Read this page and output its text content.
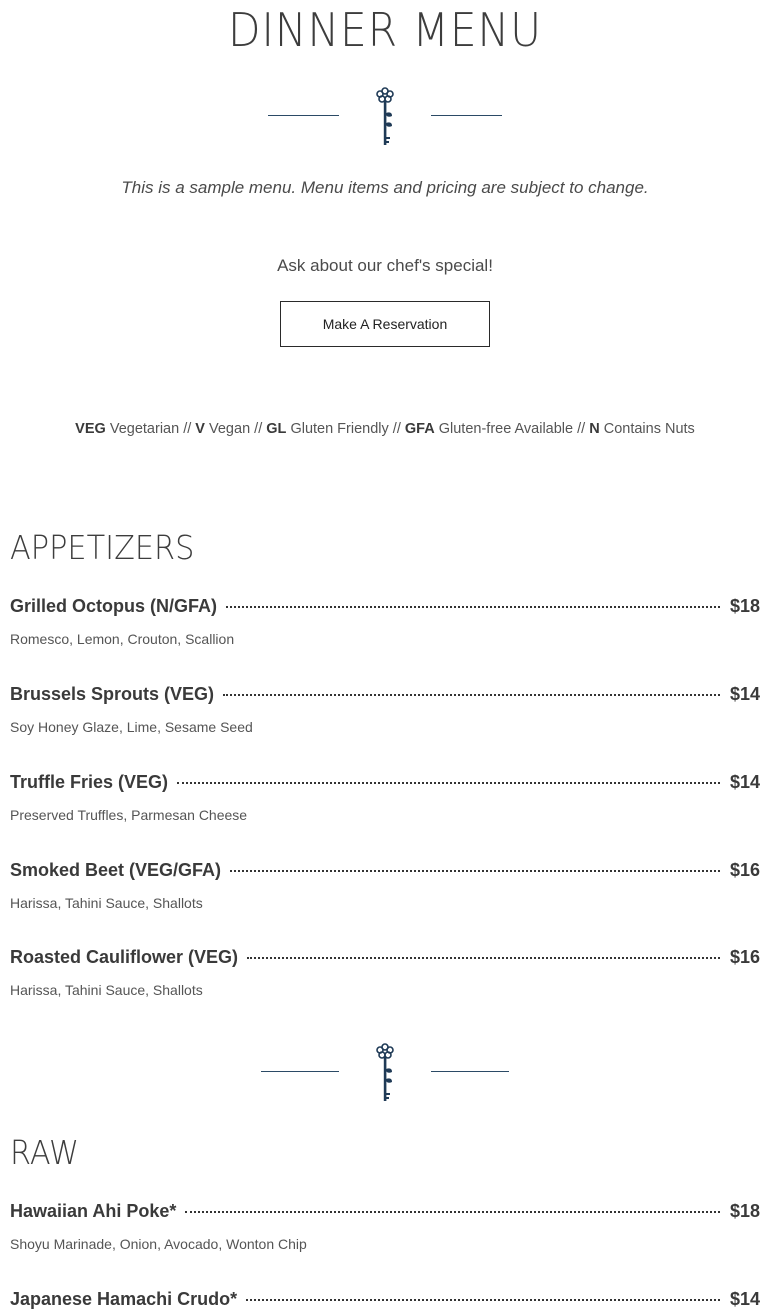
DINNER MENU

This is a sample menu. Menu items and pricing are subject to change.

Ask about our chef's special!

Make A Reservation
VEG Vegetarian // V Vegan // GL Gluten Friendly // GFA Gluten-free Available // N Contains Nuts
APPETIZERS
Grilled Octopus (N/GFA)	$18
Romesco, Lemon, Crouton, Scallion
Brussels Sprouts (VEG)	$14
Soy Honey Glaze, Lime, Sesame Seed
Truffle Fries (VEG)	$14
Preserved Truffles, Parmesan Cheese
Smoked Beet (VEG/GFA)	$16
Harissa, Tahini Sauce, Shallots
Roasted Cauliflower (VEG)	$16
Harissa, Tahini Sauce, Shallots
RAW
Hawaiian Ahi Poke*	$18
Shoyu Marinade, Onion, Avocado, Wonton Chip
Japanese Hamachi Crudo*	$14
